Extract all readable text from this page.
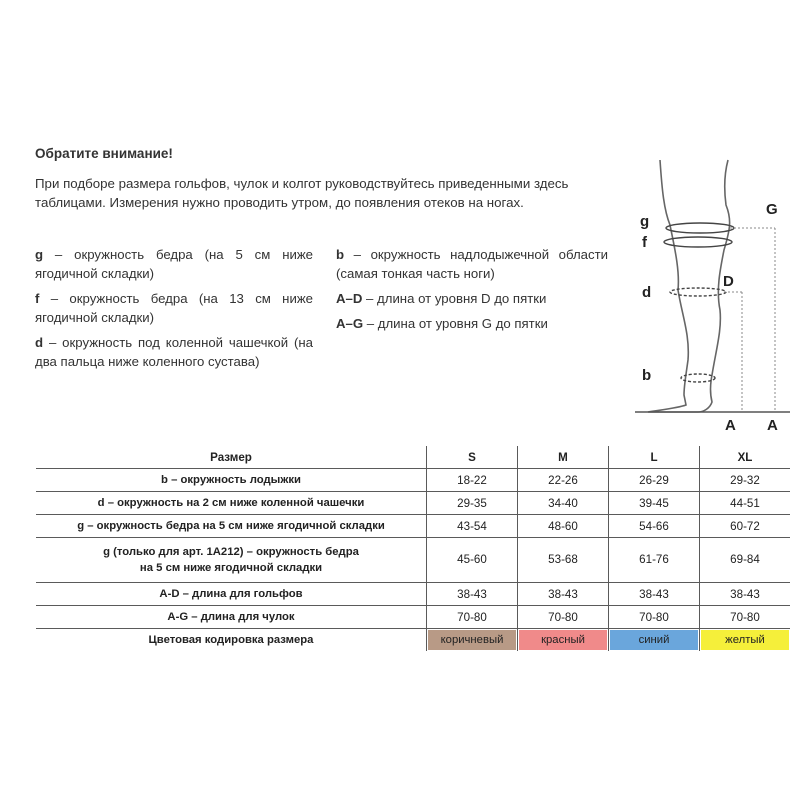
Обратите внимание!
При подборе размера гольфов, чулок и колгот руководствуйтесь приведенными здесь таблицами. Измерения нужно проводить утром, до появления отеков на ногах.

g – окружность бедра (на 5 см ниже ягодичной складки)

f – окружность бедра (на 13 см ниже ягодичной складки)

d – окружность под коленной чашечкой (на два пальца ниже коленного сустава)

b – окружность надлодыжечной области (самая тонкая часть ноги)

A–D – длина от уровня D до пятки

A–G – длина от уровня G до пятки

g
f
d
b
G
D
A A
Размер	S	M	L	XL
b – окружность лодыжки	18-22	22-26	26-29	29-32
d – окружность на 2 см ниже коленной чашечки	29-35	34-40	39-45	44-51
g – окружность бедра на 5 см ниже ягодичной складки	43-54	48-60	54-66	60-72
g (только для арт. 1A212) – окружность бедра
на 5 см ниже ягодичной складки	45-60	53-68	61-76	69-84
A-D – длина для гольфов	38-43	38-43	38-43	38-43
A-G – длина для чулок	70-80	70-80	70-80	70-80
Цветовая кодировка размера	коричневый	красный	синий	желтый
